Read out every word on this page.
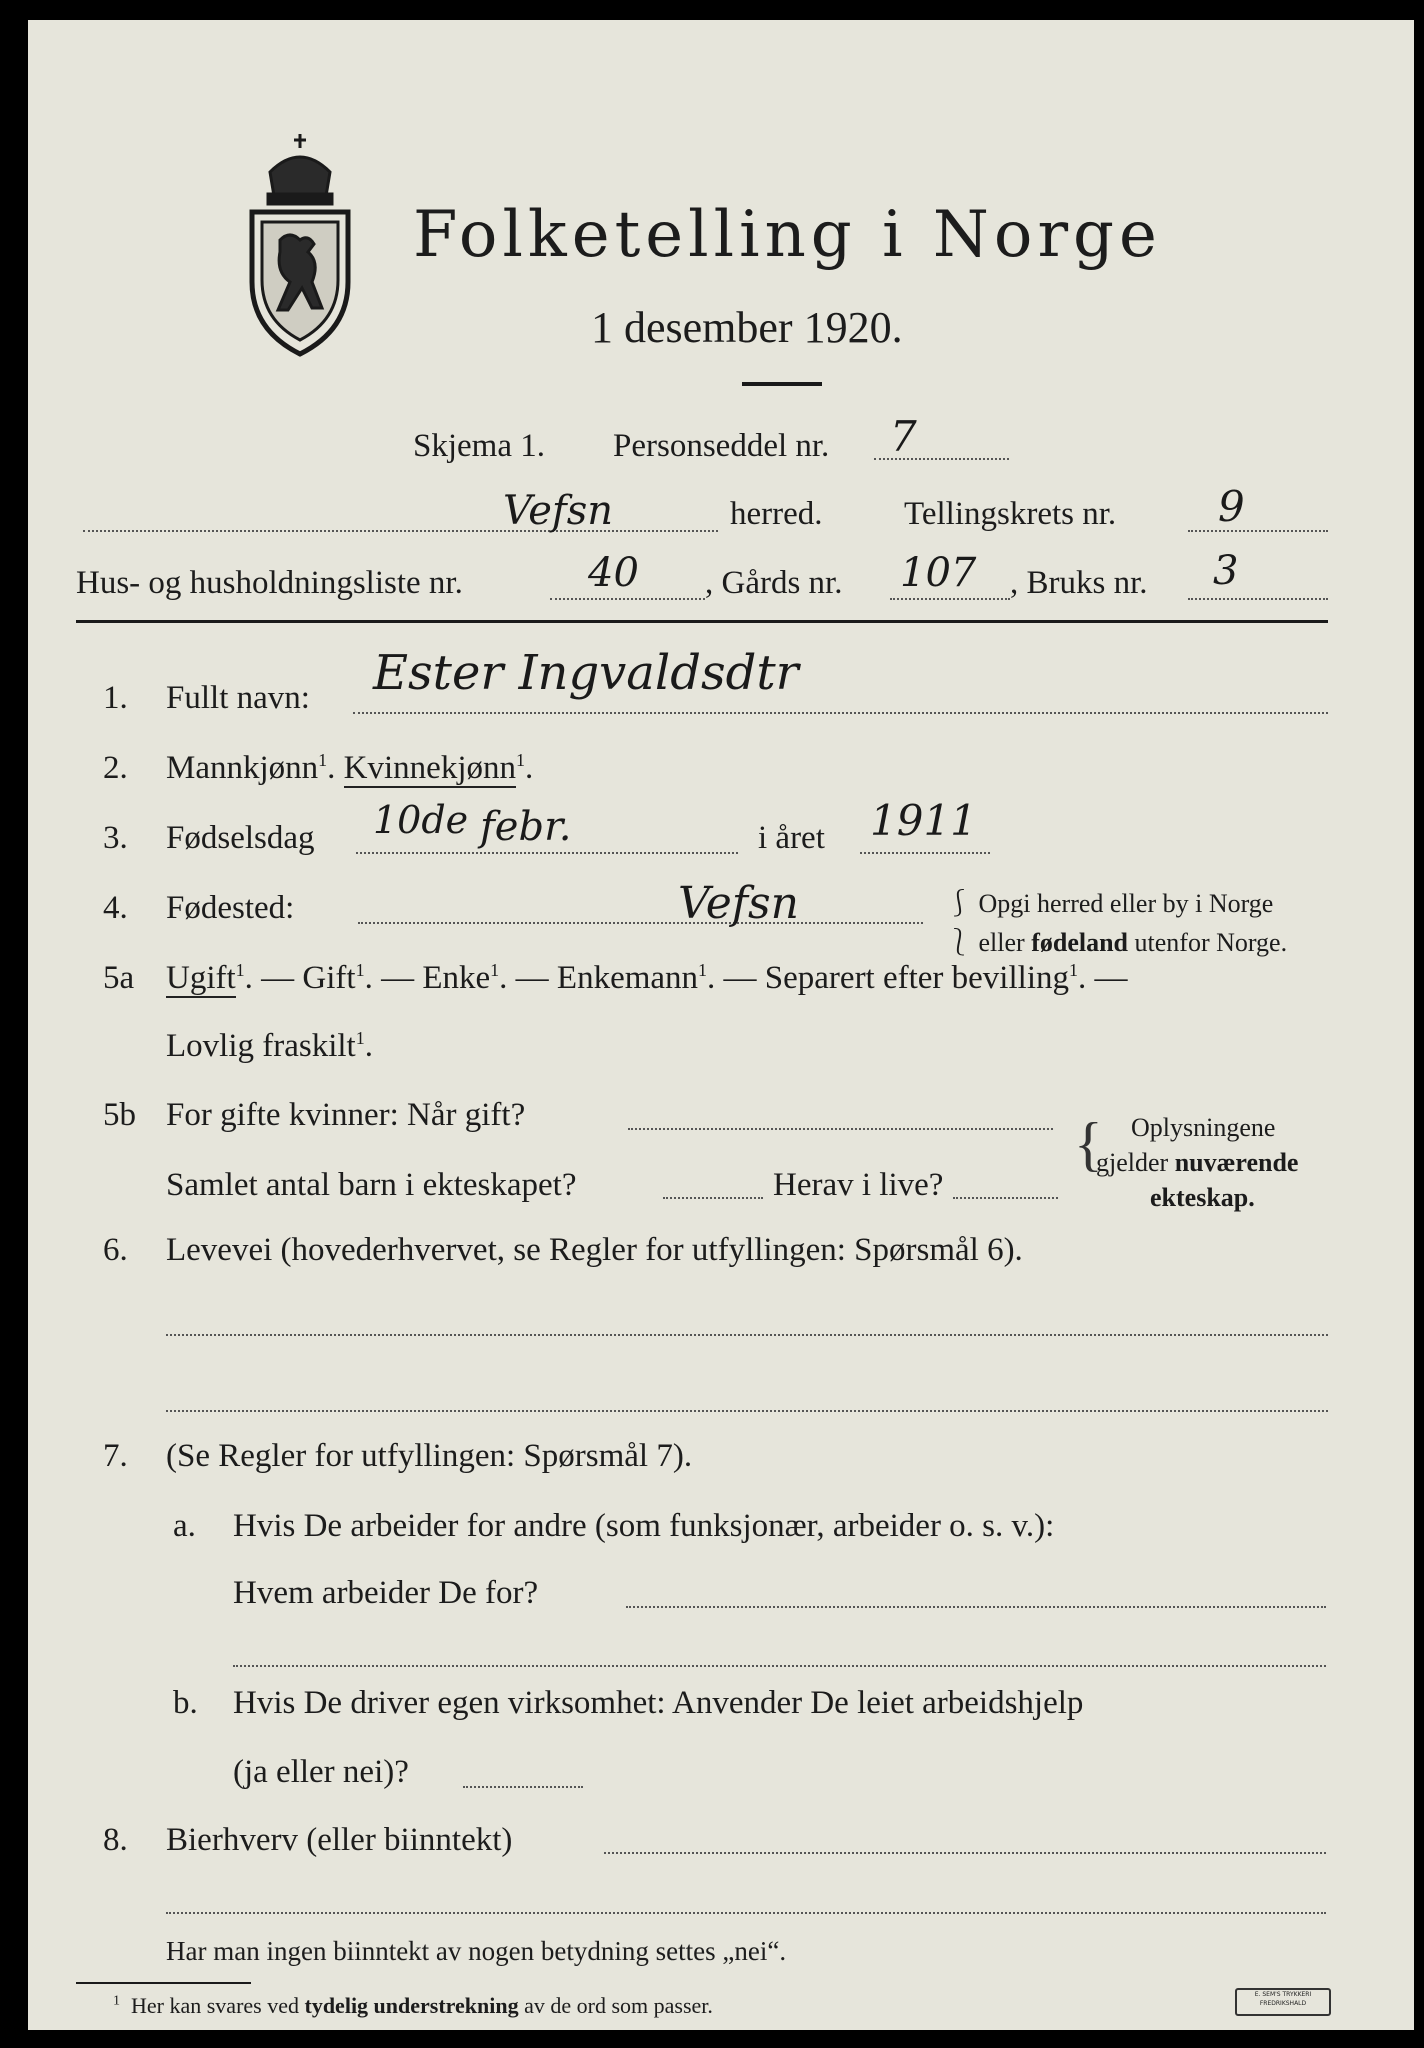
Folketelling i Norge
1 desember 1920.
Skjema 1. Personseddel nr. 7
Vefsn	herred. Tellingskrets nr. 9
Hus- og husholdningsliste nr.	40 , Gårds nr. 107 , Bruks nr. 3
1. Fullt navn: Ester Ingvaldsdtr
2. Mannkjønn$^1$. Kvinnekjønn$^1$.
3. Fødselsdag 10de febr.	i året 1911
4. Fødested:	Vefsn	⎰ Opgi herred eller by i Norge
⎱ eller fødeland utenfor Norge.
5a Ugift$^1$. — Gift$^1$. — Enke$^1$. — Enkemann$^1$. — Separert efter bevilling$^1$. —
Lovlig fraskilt$^1$.
5b For gifte kvinner: Når gift?
Samlet antal barn i ekteskapet?	Herav i live?
{ Oplysningene
gjelder nuværende
ekteskap.
6. Levevei (hovederhvervet, se Regler for utfyllingen: Spørsmål 6).
7. (Se Regler for utfyllingen: Spørsmål 7).
a. Hvis De arbeider for andre (som funksjonær, arbeider o. s. v.):
Hvem arbeider De for?
b. Hvis De driver egen virksomhet: Anvender De leiet arbeidshjelp
(ja eller nei)?
8. Bierhverv (eller biinntekt)
Har man ingen biinntekt av nogen betydning settes „nei“.
$^1$ Her kan svares ved tydelig understrekning av de ord som passer.	E. SEM'S TRYKKERI
FREDRIKSHALD
